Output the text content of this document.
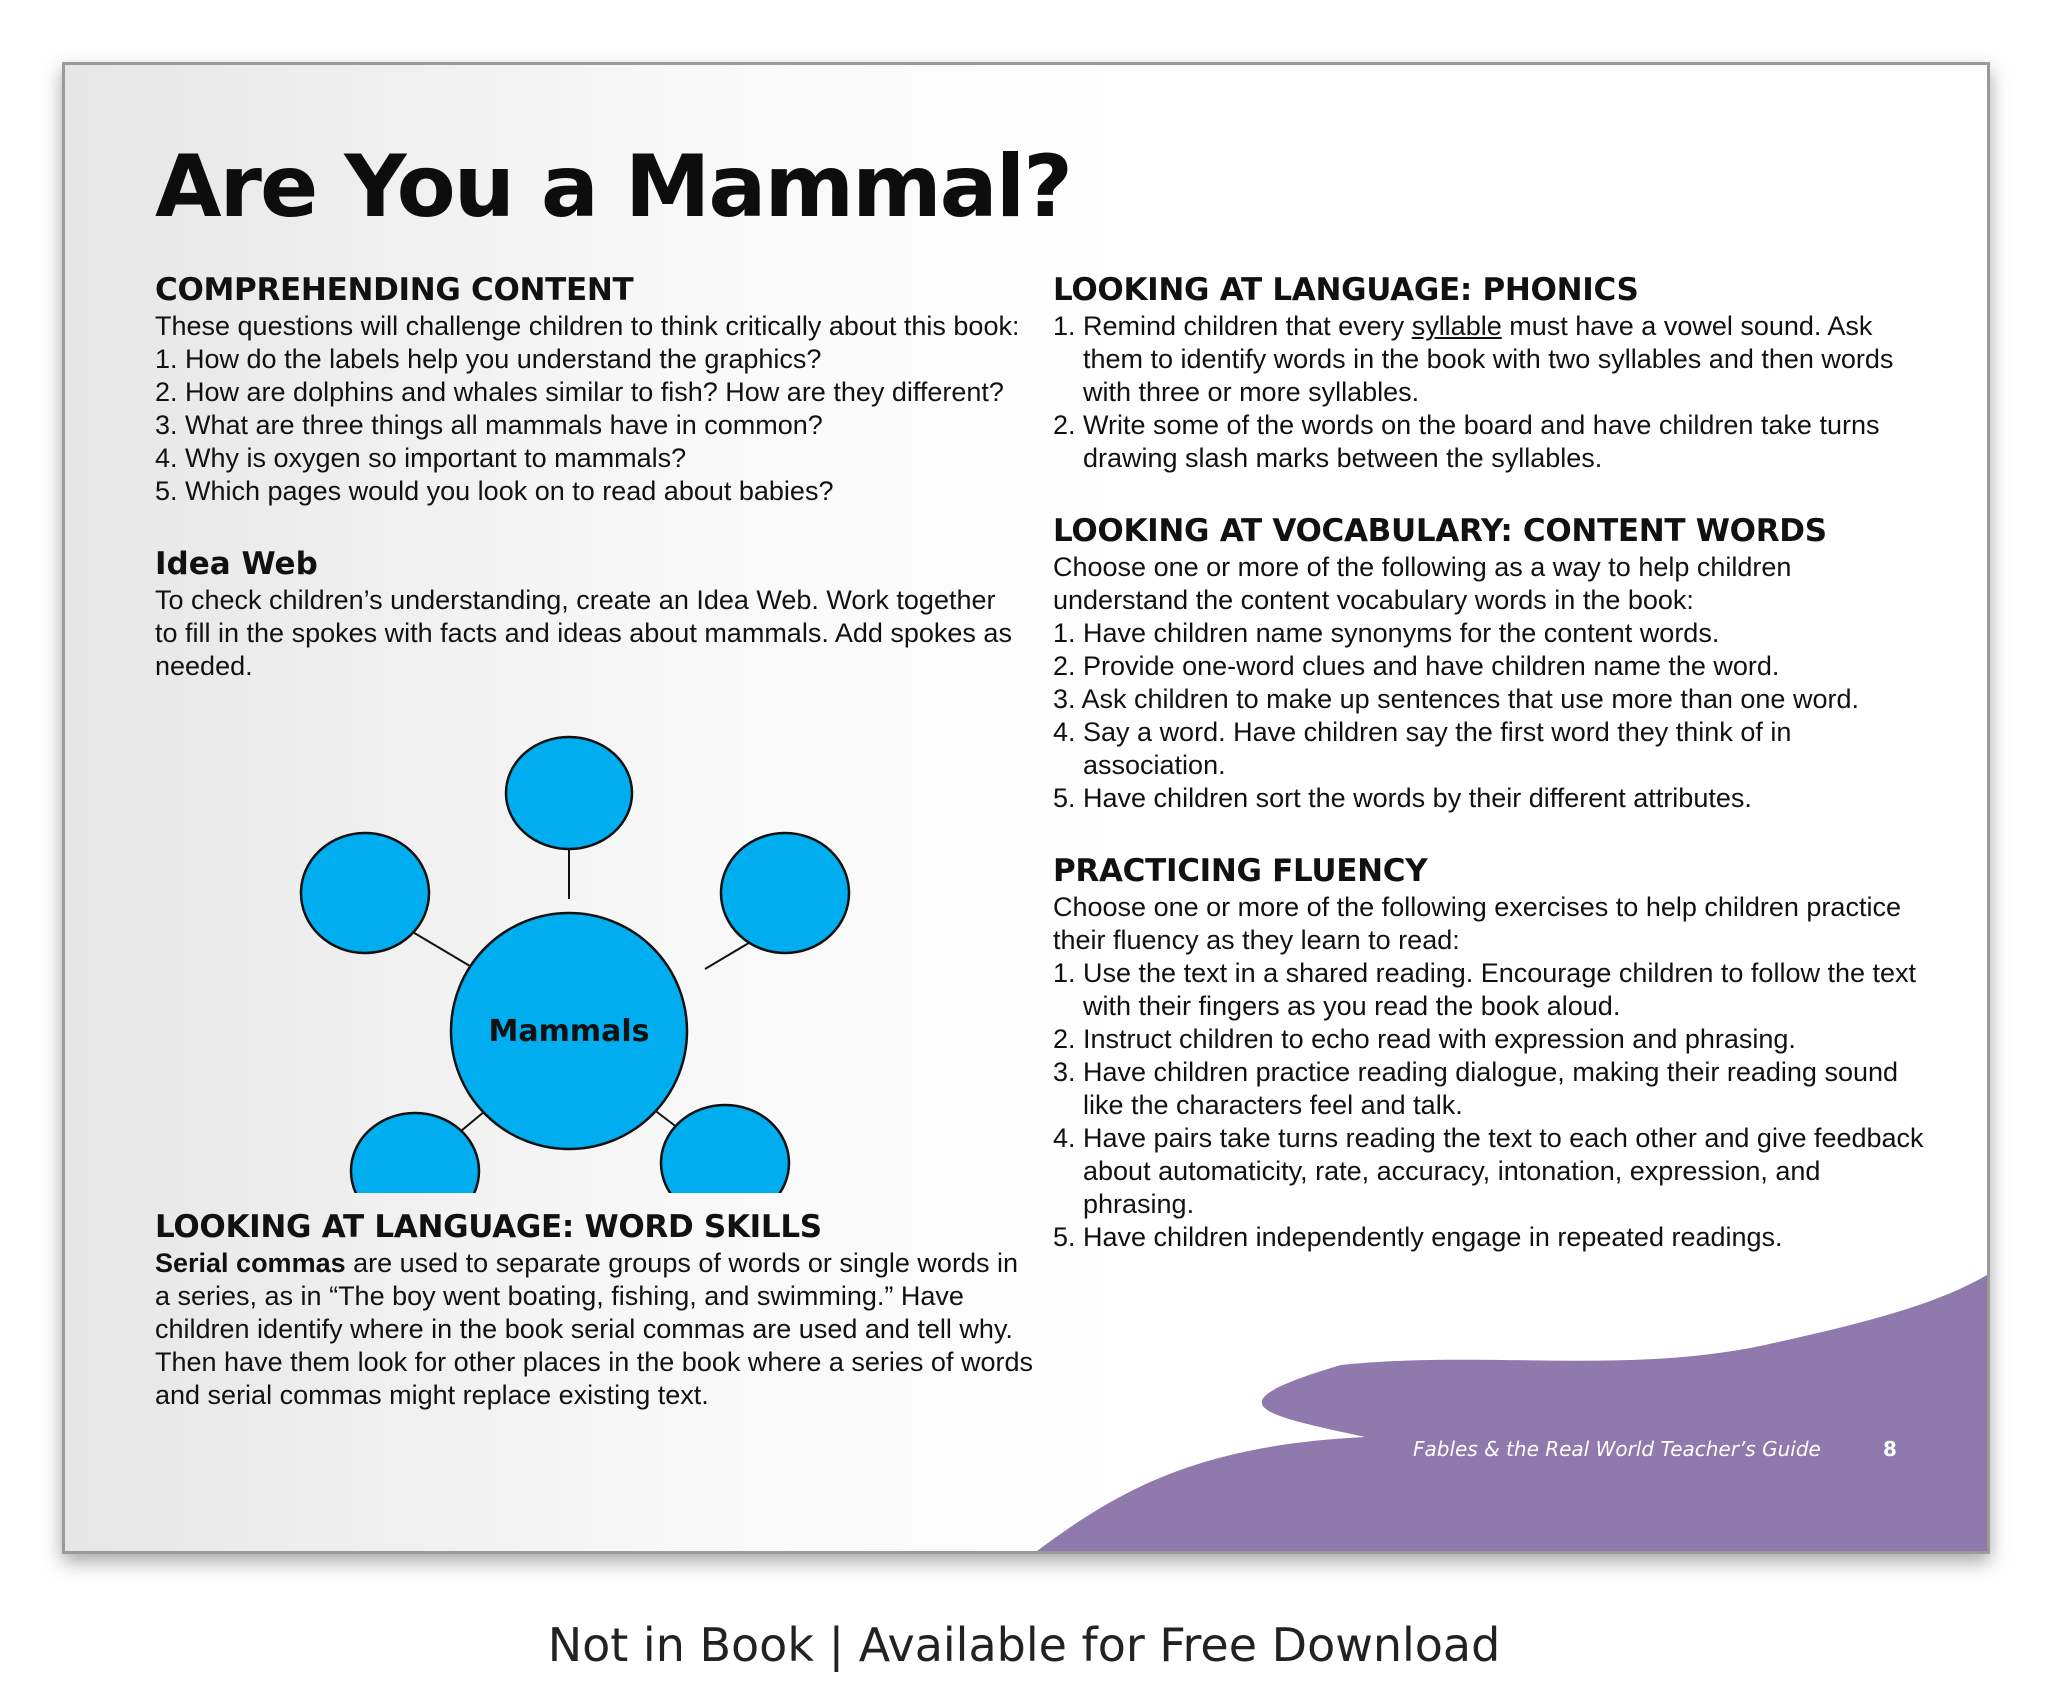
Are You a Mammal?
COMPREHENDING CONTENT

These questions will challenge children to think critically about this book:

1. How do the labels help you understand the graphics?
2. How are dolphins and whales similar to fish? How are they different?
3. What are three things all mammals have in common?
4. Why is oxygen so important to mammals?
5. Which pages would you look on to read about babies?
Idea Web

To check children’s understanding, create an Idea Web. Work together to fill in the spokes with facts and ideas about mammals. Add spokes as needed.

Mammals
LOOKING AT LANGUAGE: WORD SKILLS

Serial commas are used to separate groups of words or single words in a series, as in “The boy went boating, fishing, and swimming.” Have children identify where in the book serial commas are used and tell why. Then have them look for other places in the book where a series of words and serial commas might replace existing text.

LOOKING AT LANGUAGE: PHONICS
1. Remind children that every syllable must have a vowel sound. Ask them to identify words in the book with two syllables and then words with three or more syllables.
2. Write some of the words on the board and have children take turns drawing slash marks between the syllables.
LOOKING AT VOCABULARY: CONTENT WORDS

Choose one or more of the following as a way to help children understand the content vocabulary words in the book:

1. Have children name synonyms for the content words.
2. Provide one-word clues and have children name the word.
3. Ask children to make up sentences that use more than one word.
4. Say a word. Have children say the first word they think of in association.
5. Have children sort the words by their different attributes.
PRACTICING FLUENCY

Choose one or more of the following exercises to help children practice their fluency as they learn to read:

1. Use the text in a shared reading. Encourage children to follow the text with their fingers as you read the book aloud.
2. Instruct children to echo read with expression and phrasing.
3. Have children practice reading dialogue, making their reading sound like the characters feel and talk.
4. Have pairs take turns reading the text to each other and give feedback about automaticity, rate, accuracy, intonation, expression, and phrasing.
5. Have children independently engage in repeated readings.
Fables & the Real World Teacher’s Guide	8
Not in Book | Available for Free Download
